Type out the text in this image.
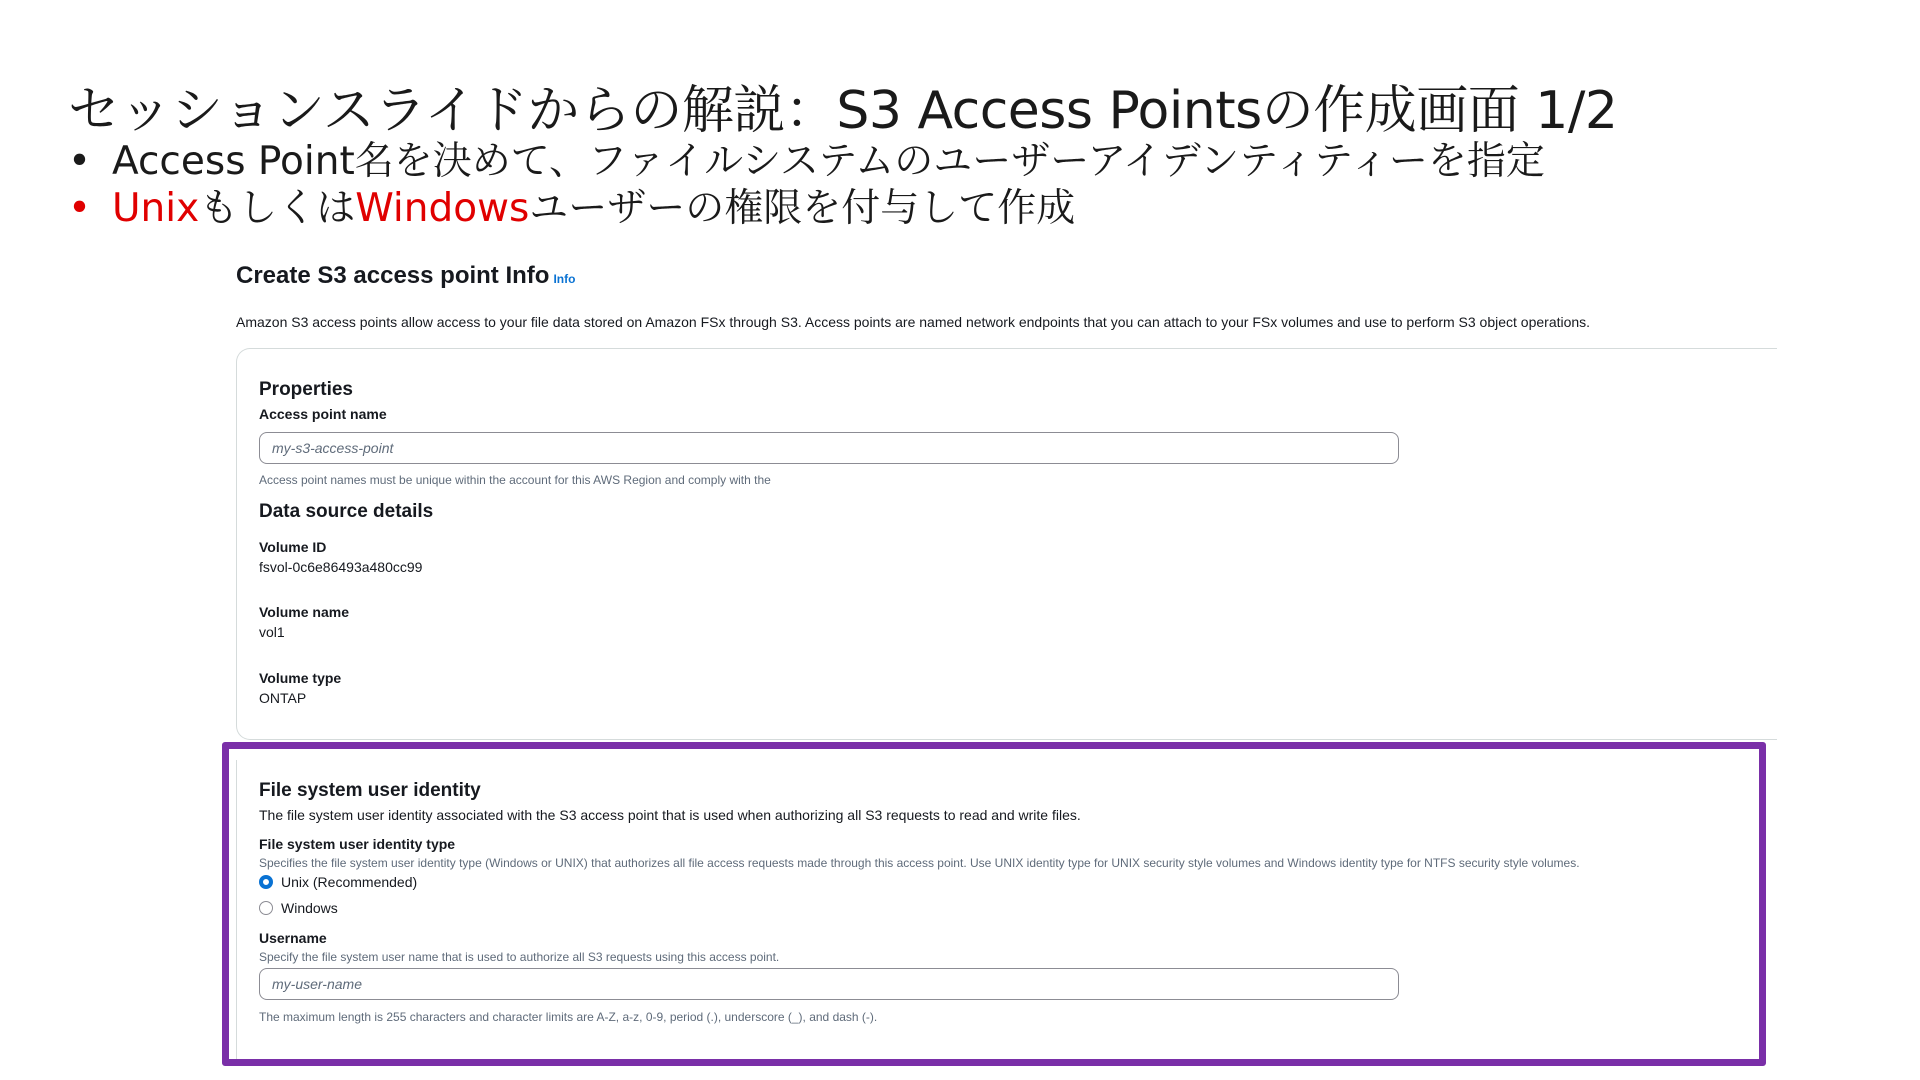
セッションスライドからの解説：S3 Access Pointsの作成画面 1/2
• Access Point名を決めて、ファイルシステムのユーザーアイデンティティーを指定
• UnixもしくはWindowsユーザーの権限を付与して作成
Create S3 access point Info Info
Amazon S3 access points allow access to your file data stored on Amazon FSx through S3. Access points are named network endpoints that you can attach to your FSx volumes and use to perform S3 object operations.
Properties
Access point name
my-s3-access-point
Access point names must be unique within the account for this AWS Region and comply with the
Data source details
Volume ID
fsvol-0c6e86493a480cc99
Volume name
vol1
Volume type
ONTAP
File system user identity
The file system user identity associated with the S3 access point that is used when authorizing all S3 requests to read and write files.
File system user identity type
Specifies the file system user identity type (Windows or UNIX) that authorizes all file access requests made through this access point. Use UNIX identity type for UNIX security style volumes and Windows identity type for NTFS security style volumes.
Unix (Recommended)
Windows
Username
Specify the file system user name that is used to authorize all S3 requests using this access point.
my-user-name
The maximum length is 255 characters and character limits are A-Z, a-z, 0-9, period (.), underscore (_), and dash (-).
